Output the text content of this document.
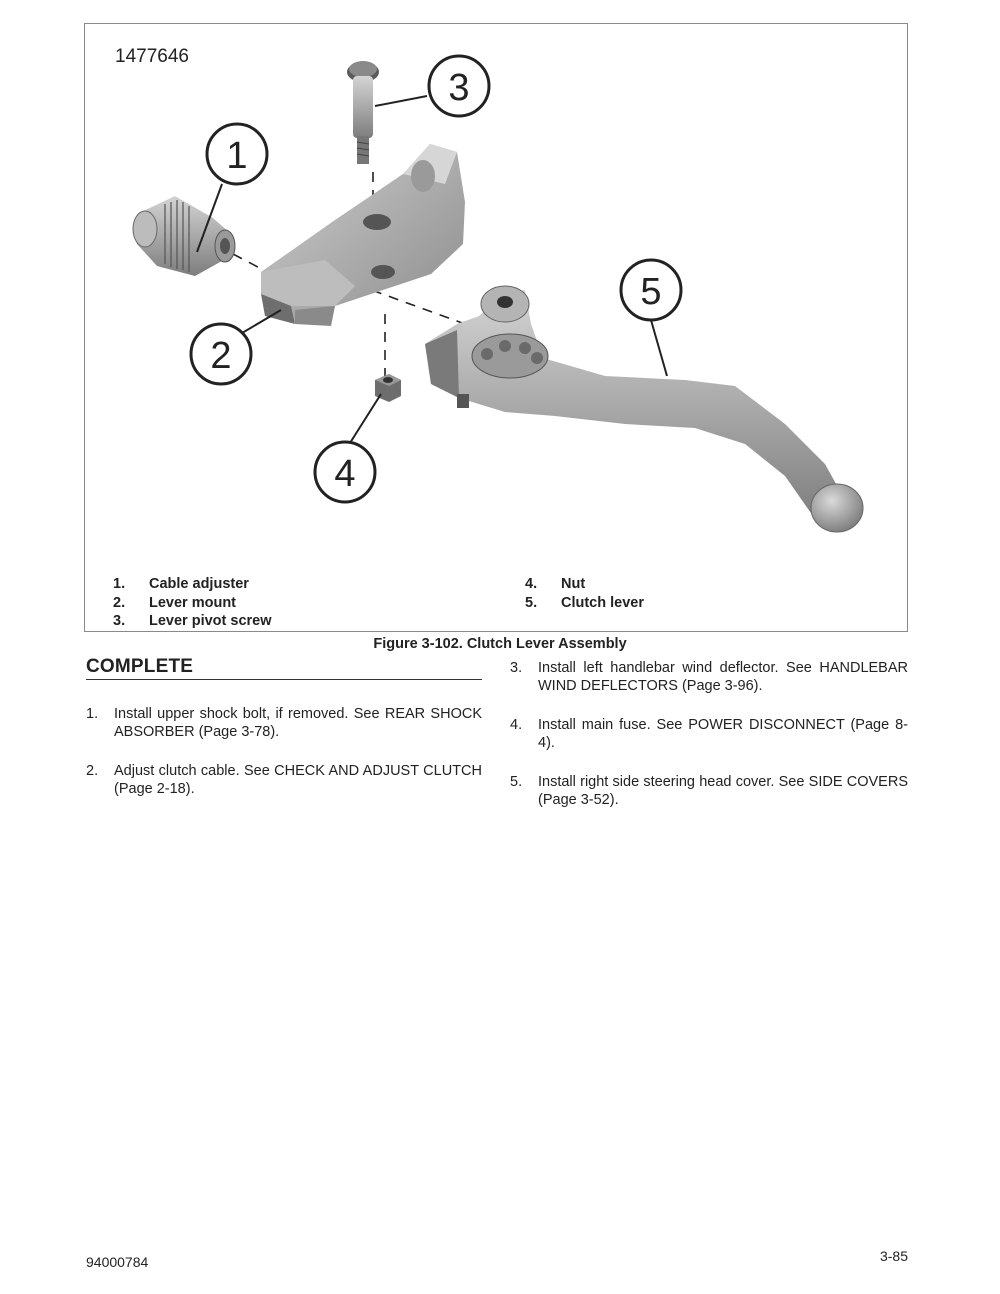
1477646
1
2
3
4
5
1. Cable adjuster
2. Lever mount
3. Lever pivot screw
4. Nut
5. Clutch lever
Figure 3-102. Clutch Lever Assembly
COMPLETE
1. Install upper shock bolt, if removed. See REAR SHOCK ABSORBER (Page 3-78).
2. Adjust clutch cable. See CHECK AND ADJUST CLUTCH (Page 2-18).
3. Install left handlebar wind deflector. See HANDLEBAR WIND DEFLECTORS (Page 3-96).
4. Install main fuse. See POWER DISCONNECT (Page 8-4).
5. Install right side steering head cover. See SIDE COVERS (Page 3-52).
94000784	3-85
